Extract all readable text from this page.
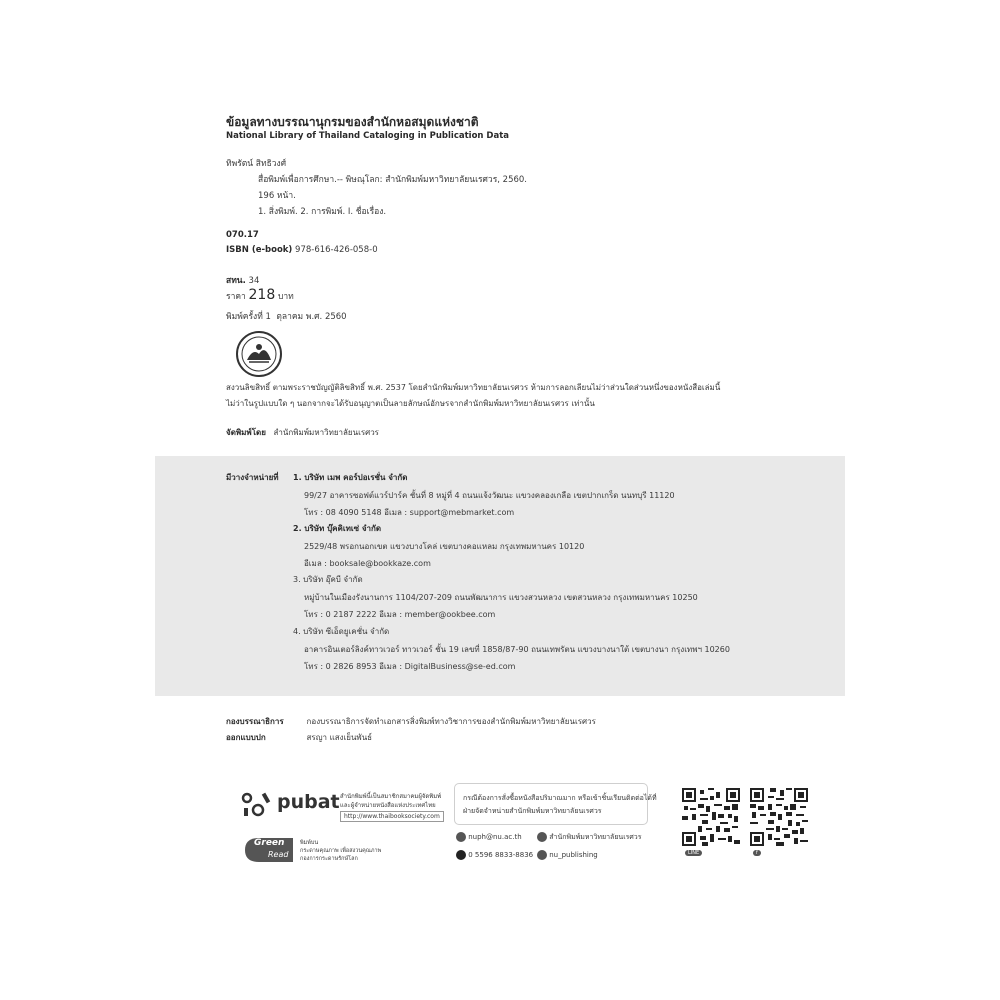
ข้อมูลทางบรรณานุกรมของสำนักหอสมุดแห่งชาติ
National Library of Thailand Cataloging in Publication Data
ทิพรัตน์ สิทธิวงศ์
สื่อพิมพ์เพื่อการศึกษา.-- พิษณุโลก: สำนักพิมพ์มหาวิทยาลัยนเรศวร, 2560.
196 หน้า.
1. สิ่งพิมพ์. 2. การพิมพ์. I. ชื่อเรื่อง.
070.17
ISBN (e-book) 978-616-426-058-0
สทน. 34
ราคา 218 บาท
พิมพ์ครั้งที่ 1 ตุลาคม พ.ศ. 2560
สงวนลิขสิทธิ์ ตามพระราชบัญญัติลิขสิทธิ์ พ.ศ. 2537 โดยสำนักพิมพ์มหาวิทยาลัยนเรศวร ห้ามการลอกเลียนไม่ว่าส่วนใดส่วนหนึ่งของหนังสือเล่มนี้
ไม่ว่าในรูปแบบใด ๆ นอกจากจะได้รับอนุญาตเป็นลายลักษณ์อักษรจากสำนักพิมพ์มหาวิทยาลัยนเรศวร เท่านั้น
จัดพิมพ์โดย สำนักพิมพ์มหาวิทยาลัยนเรศวร
มีวางจำหน่ายที่ 1. บริษัท เมพ คอร์ปอเรชั่น จำกัด
99/27 อาคารซอฟต์แวร์ปาร์ค ชั้นที่ 8 หมู่ที่ 4 ถนนแจ้งวัฒนะ แขวงคลองเกลือ เขตปากเกร็ด นนทบุรี 11120
โทร : 08 4090 5148 อีเมล : support@mebmarket.com
2. บริษัท บุ๊คคิเทเซ่ จำกัด
2529/48 พรอกนอกเขต แขวงบางโคล่ เขตบางคอแหลม กรุงเทพมหานคร 10120
อีเมล : booksale@bookkaze.com
3. บริษัท อุ๊คบี จำกัด
หมู่บ้านในเมืองรังนานการ 1104/207-209 ถนนพัฒนาการ แขวงสวนหลวง เขตสวนหลวง กรุงเทพมหานคร 10250
โทร : 0 2187 2222 อีเมล : member@ookbee.com
4. บริษัท ซีเอ็ดยูเคชั่น จำกัด
อาคารอินเตอร์ลิงค์ทาวเวอร์ ทาวเวอร์ ชั้น 19 เลขที่ 1858/87-90 ถนนเทพรัตน แขวงบางนาใต้ เขตบางนา กรุงเทพฯ 10260
โทร : 0 2826 8953 อีเมล : DigitalBusiness@se-ed.com
กองบรรณาธิการ	กองบรรณาธิการจัดทำเอกสารสิ่งพิมพ์ทางวิชาการของสำนักพิมพ์มหาวิทยาลัยนเรศวร
ออกแบบปก	สรญา แสงเย็นพันธ์
pubat สำนักพิมพ์นี้เป็นสมาชิกสมาคมผู้จัดพิมพ์
และผู้จำหน่ายหนังสือแห่งประเทศไทย
http://www.thaibooksociety.com
Green
Read
พิมพ์บน
กระดาษคุณภาพ เพื่อสงวนคุณภาพ
กองการกระดาษรักษ์โลก
กรณีต้องการสั่งซื้อหนังสือปริมาณมาก หรือเข้าชิ้นเรียนติดต่อได้ที่
ฝ่ายจัดจำหน่ายสำนักพิมพ์มหาวิทยาลัยนเรศวร
nuph@nu.ac.th	สำนักพิมพ์มหาวิทยาลัยนเรศวร
0 5596 8833-8836	nu_publishing	LINE	f
